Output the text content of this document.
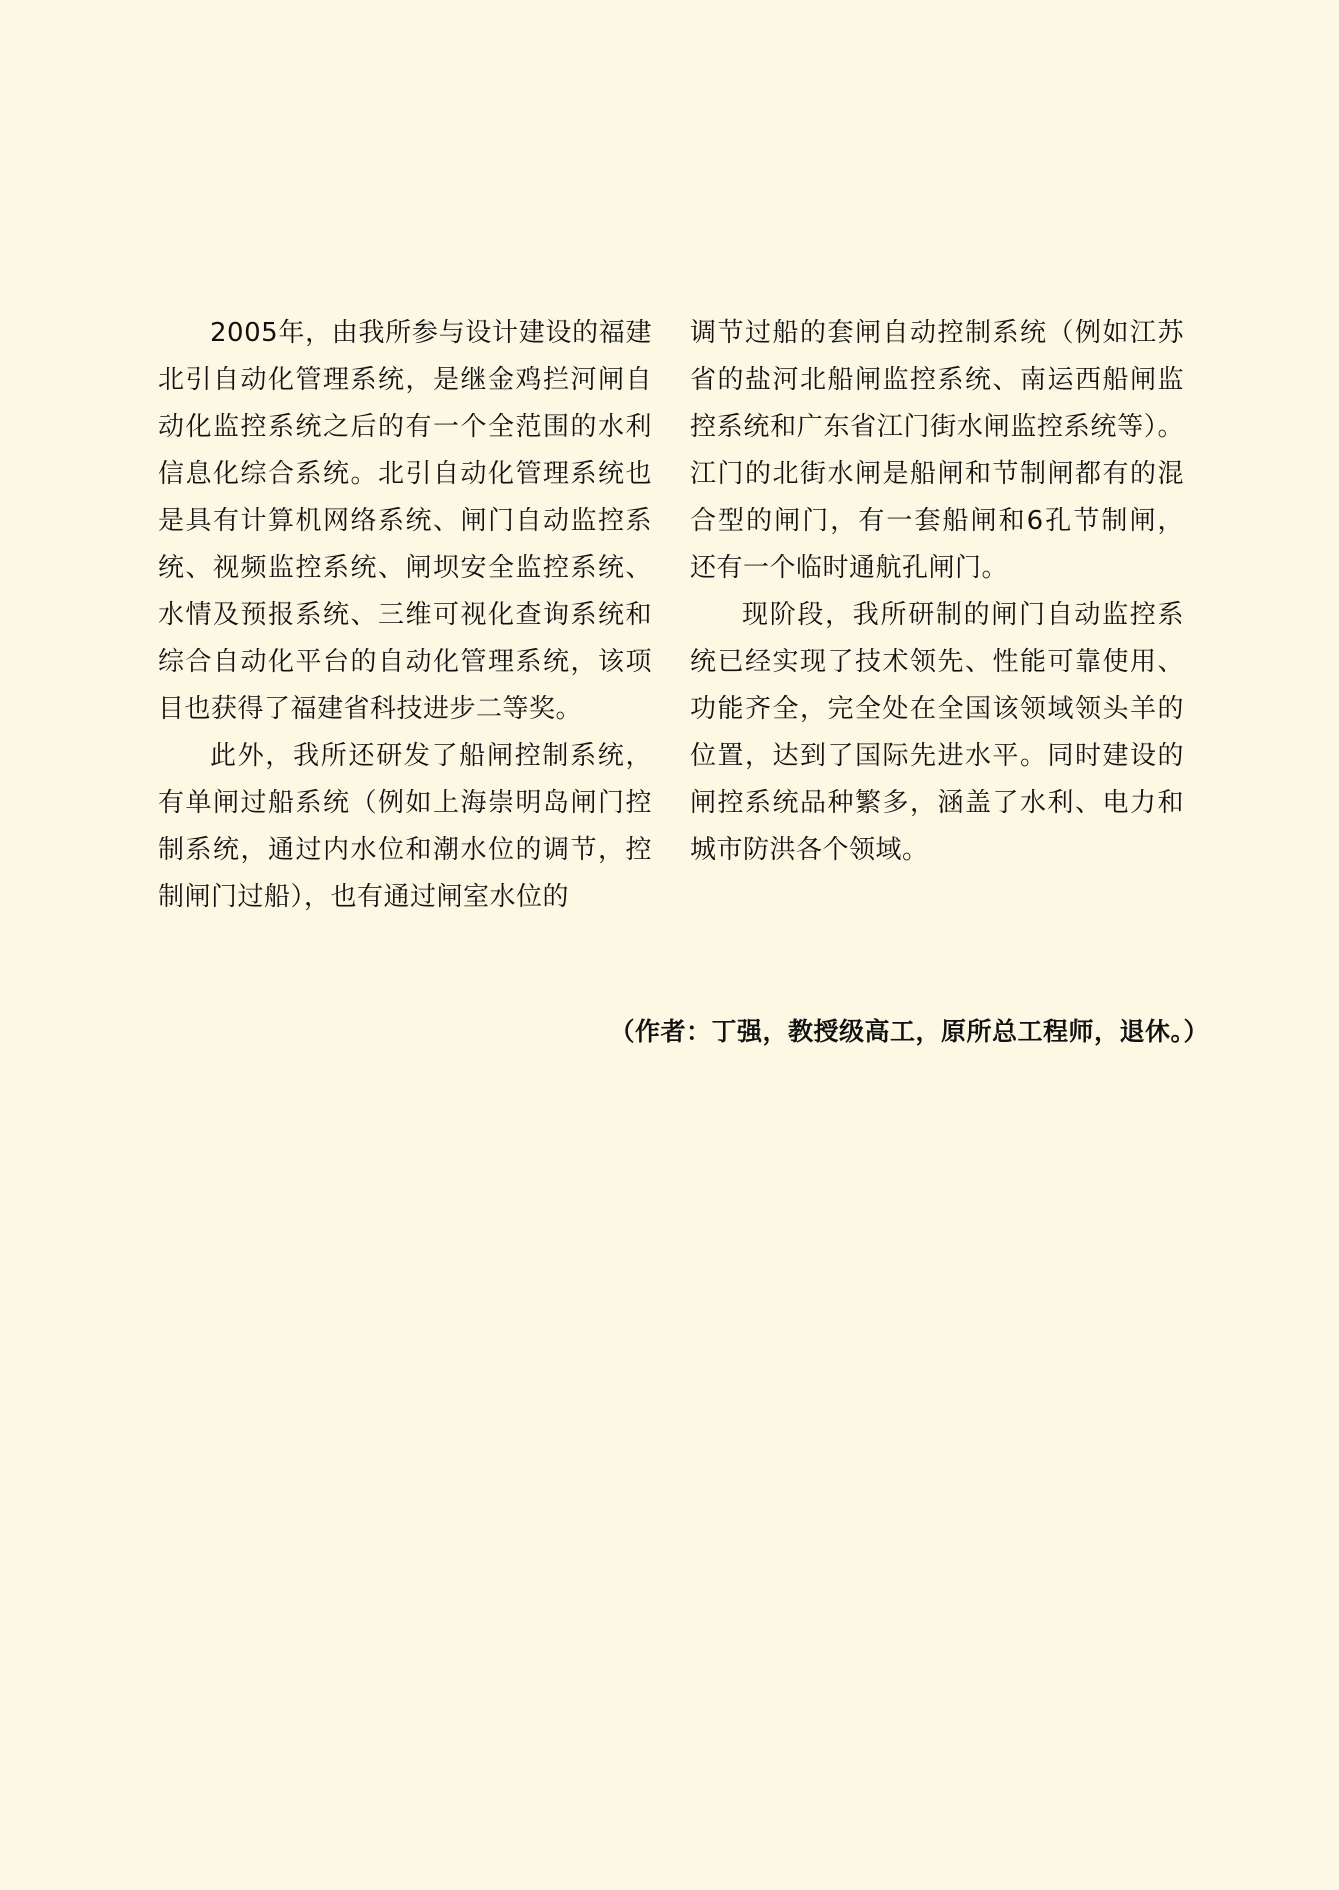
2005年，由我所参与设计建设的福建北引自动化管理系统，是继金鸡拦河闸自动化监控系统之后的有一个全范围的水利信息化综合系统。北引自动化管理系统也是具有计算机网络系统、闸门自动监控系统、视频监控系统、闸坝安全监控系统、水情及预报系统、三维可视化查询系统和综合自动化平台的自动化管理系统，该项目也获得了福建省科技进步二等奖。

此外，我所还研发了船闸控制系统，有单闸过船系统（例如上海崇明岛闸门控制系统，通过内水位和潮水位的调节，控制闸门过船），也有通过闸室水位的

调节过船的套闸自动控制系统（例如江苏省的盐河北船闸监控系统、南运西船闸监控系统和广东省江门街水闸监控系统等）。江门的北街水闸是船闸和节制闸都有的混合型的闸门，有一套船闸和6孔节制闸，还有一个临时通航孔闸门。

现阶段，我所研制的闸门自动监控系统已经实现了技术领先、性能可靠使用、功能齐全，完全处在全国该领域领头羊的位置，达到了国际先进水平。同时建设的闸控系统品种繁多，涵盖了水利、电力和城市防洪各个领域。

（作者：丁强，教授级高工，原所总工程师，退休。）
